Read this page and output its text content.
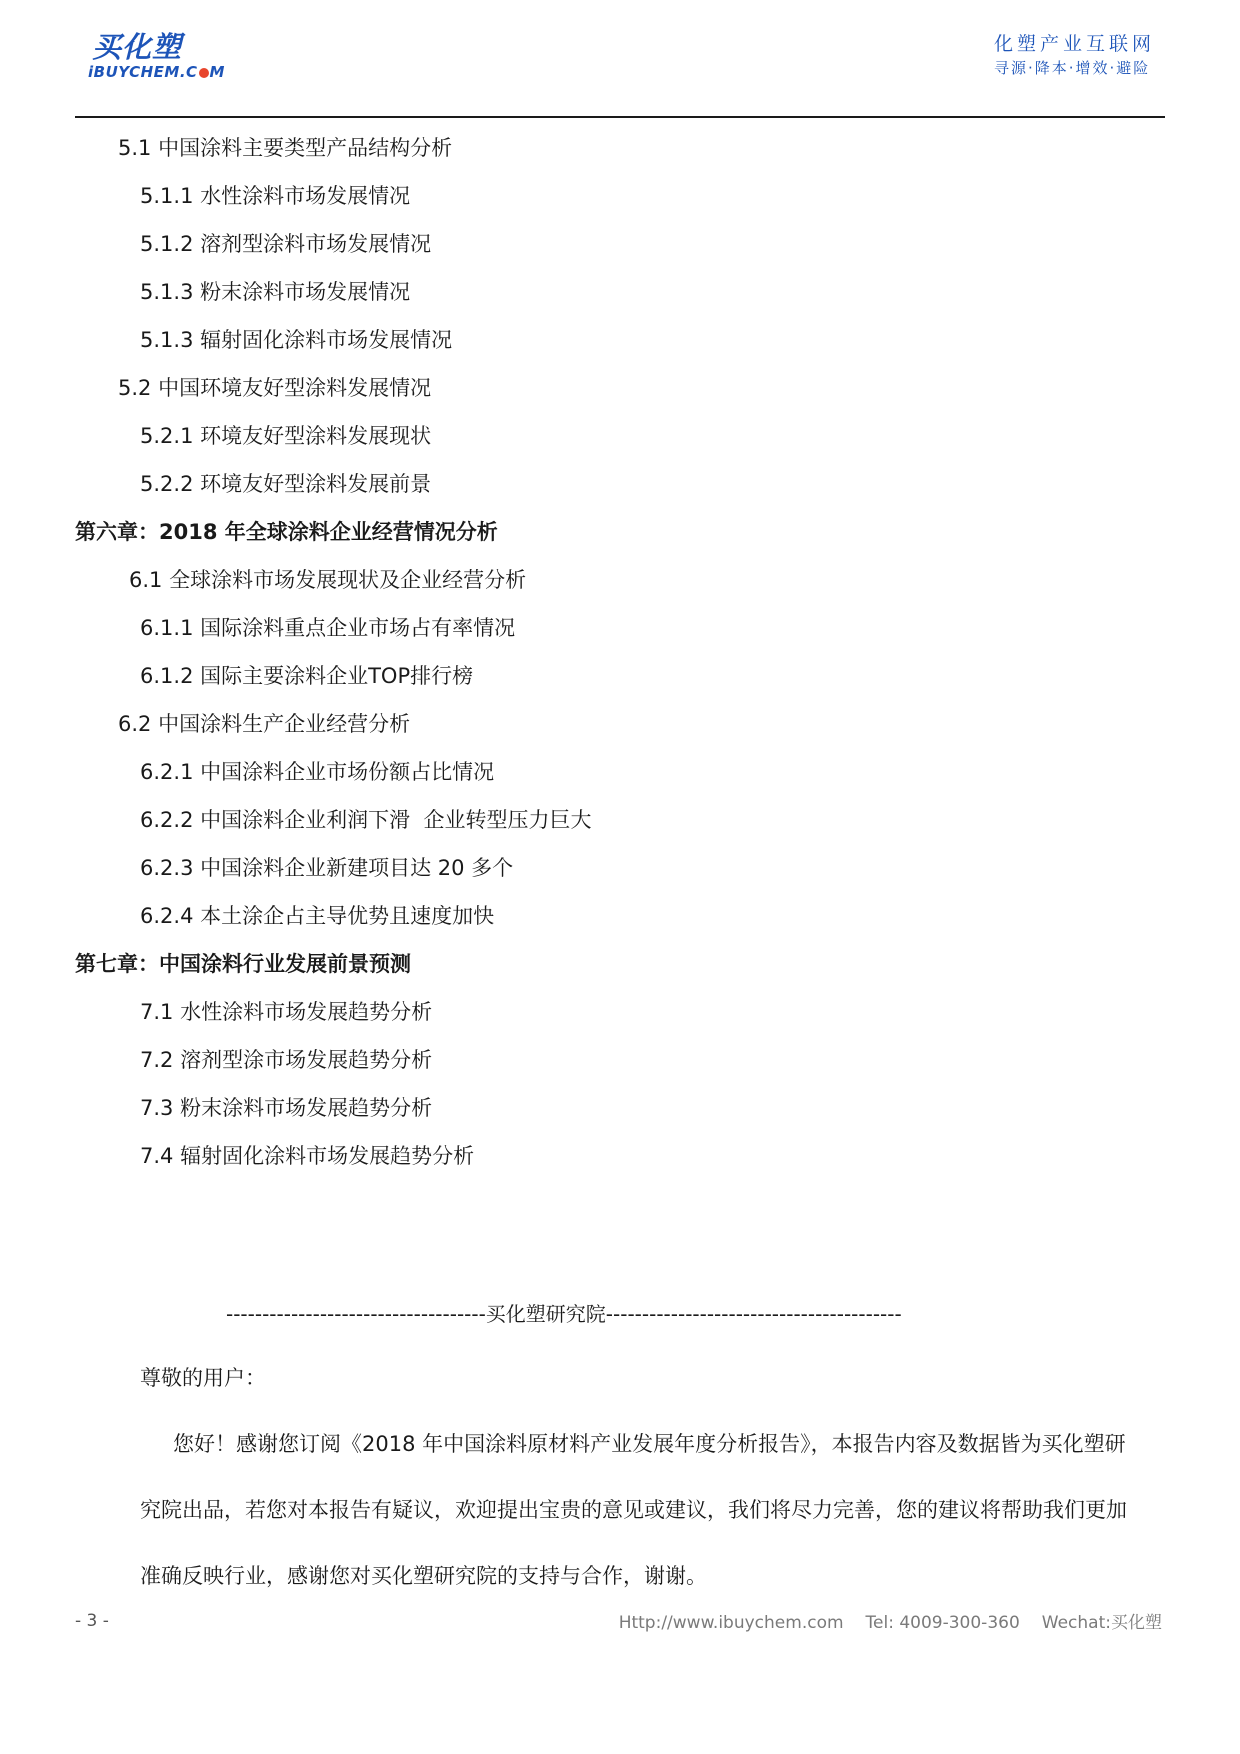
买化塑
iBUYCHEM.C M
化塑产业互联网
寻源·降本·增效·避险
5.1 中国涂料主要类型产品结构分析
5.1.1 水性涂料市场发展情况
5.1.2 溶剂型涂料市场发展情况
5.1.3 粉末涂料市场发展情况
5.1.3 辐射固化涂料市场发展情况
5.2 中国环境友好型涂料发展情况
5.2.1 环境友好型涂料发展现状
5.2.2 环境友好型涂料发展前景
第六章：2018 年全球涂料企业经营情况分析
6.1 全球涂料市场发展现状及企业经营分析
6.1.1 国际涂料重点企业市场占有率情况
6.1.2 国际主要涂料企业TOP排行榜
6.2 中国涂料生产企业经营分析
6.2.1 中国涂料企业市场份额占比情况
6.2.2 中国涂料企业利润下滑  企业转型压力巨大
6.2.3 中国涂料企业新建项目达 20 多个
6.2.4 本土涂企占主导优势且速度加快
第七章：中国涂料行业发展前景预测
7.1 水性涂料市场发展趋势分析
7.2 溶剂型涂市场发展趋势分析
7.3 粉末涂料市场发展趋势分析
7.4 辐射固化涂料市场发展趋势分析
------------------------------------买化塑研究院-----------------------------------------
尊敬的用户：
您好！感谢您订阅《2018 年中国涂料原材料产业发展年度分析报告》，本报告内容及数据皆为买化塑研
究院出品，若您对本报告有疑议，欢迎提出宝贵的意见或建议，我们将尽力完善，您的建议将帮助我们更加
准确反映行业，感谢您对买化塑研究院的支持与合作，谢谢。
- 3 -	Http://www.ibuychem.com Tel: 4009-300-360 Wechat:买化塑
